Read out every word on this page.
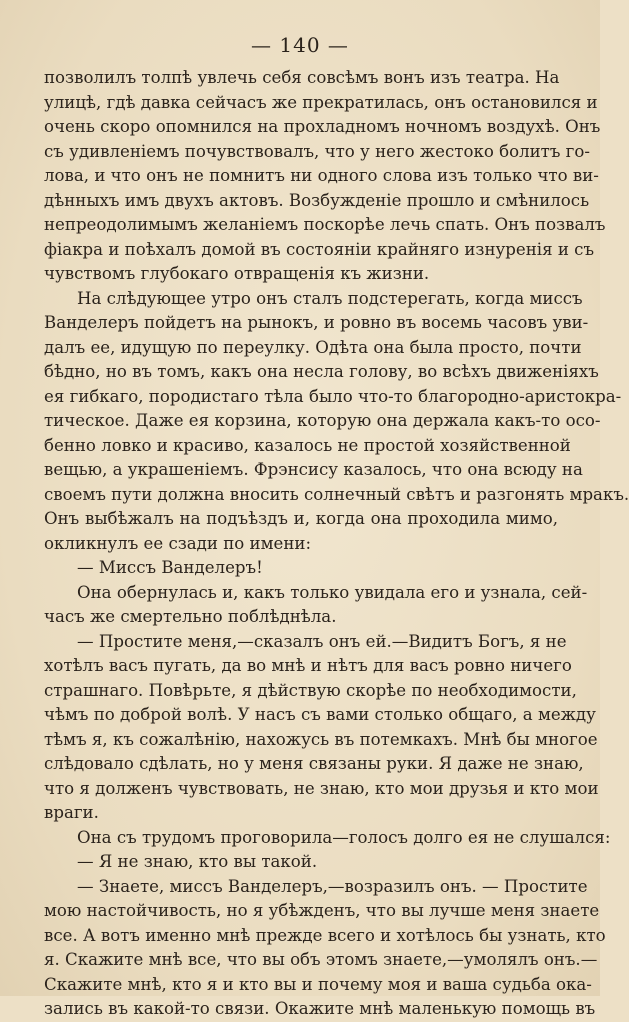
— 140 —
позволилъ толпѣ увлечь себя совсѣмъ вонъ изъ театра. На
улицѣ, гдѣ давка сейчасъ же прекратилась, онъ остановился и
очень скоро опомнился на прохладномъ ночномъ воздухѣ. Онъ
съ удивленіемъ почувствовалъ, что у него жестоко болитъ го-
лова, и что онъ не помнитъ ни одного слова изъ только что ви-
дѣнныхъ имъ двухъ актовъ. Возбужденіе прошло и смѣнилось
непреодолимымъ желаніемъ поскорѣе лечь спать. Онъ позвалъ
фіакра и поѣхалъ домой въ состояніи крайняго изнуренія и съ
чувствомъ глубокаго отвращенія къ жизни.
На слѣдующее утро онъ сталъ подстерегать, когда миссъ
Ванделеръ пойдетъ на рынокъ, и ровно въ восемь часовъ уви-
далъ ее, идущую по переулку. Одѣта она была просто, почти
бѣдно, но въ томъ, какъ она несла голову, во всѣхъ движеніяхъ
ея гибкаго, породистаго тѣла было что-то благородно-аристокра-
тическое. Даже ея корзина, которую она держала какъ-то осо-
бенно ловко и красиво, казалось не простой хозяйственной
вещью, а украшеніемъ. Фрэнсису казалось, что она всюду на
своемъ пути должна вносить солнечный свѣтъ и разгонять мракъ.
Онъ выбѣжалъ на подъѣздъ и, когда она проходила мимо,
окликнулъ ее сзади по имени:
— Миссъ Ванделеръ!
Она обернулась и, какъ только увидала его и узнала, сей-
часъ же смертельно поблѣднѣла.
— Простите меня,—сказалъ онъ ей.—Видитъ Богъ, я не
хотѣлъ васъ пугать, да во мнѣ и нѣтъ для васъ ровно ничего
страшнаго. Повѣрьте, я дѣйствую скорѣе по необходимости,
чѣмъ по доброй волѣ. У насъ съ вами столько общаго, а между
тѣмъ я, къ сожалѣнію, нахожусь въ потемкахъ. Мнѣ бы многое
слѣдовало сдѣлать, но у меня связаны руки. Я даже не знаю,
что я долженъ чувствовать, не знаю, кто мои друзья и кто мои
враги.
Она съ трудомъ проговорила—голосъ долго ея не слушался:
— Я не знаю, кто вы такой.
— Знаете, миссъ Ванделеръ,—возразилъ онъ. — Простите
мою настойчивость, но я убѣжденъ, что вы лучше меня знаете
все. А вотъ именно мнѣ прежде всего и хотѣлось бы узнать, кто
я. Скажите мнѣ все, что вы объ этомъ знаете,—умолялъ онъ.—
Скажите мнѣ, кто я и кто вы и почему моя и ваша судьба ока-
зались въ какой-то связи. Окажите мнѣ маленькую помощь въ
